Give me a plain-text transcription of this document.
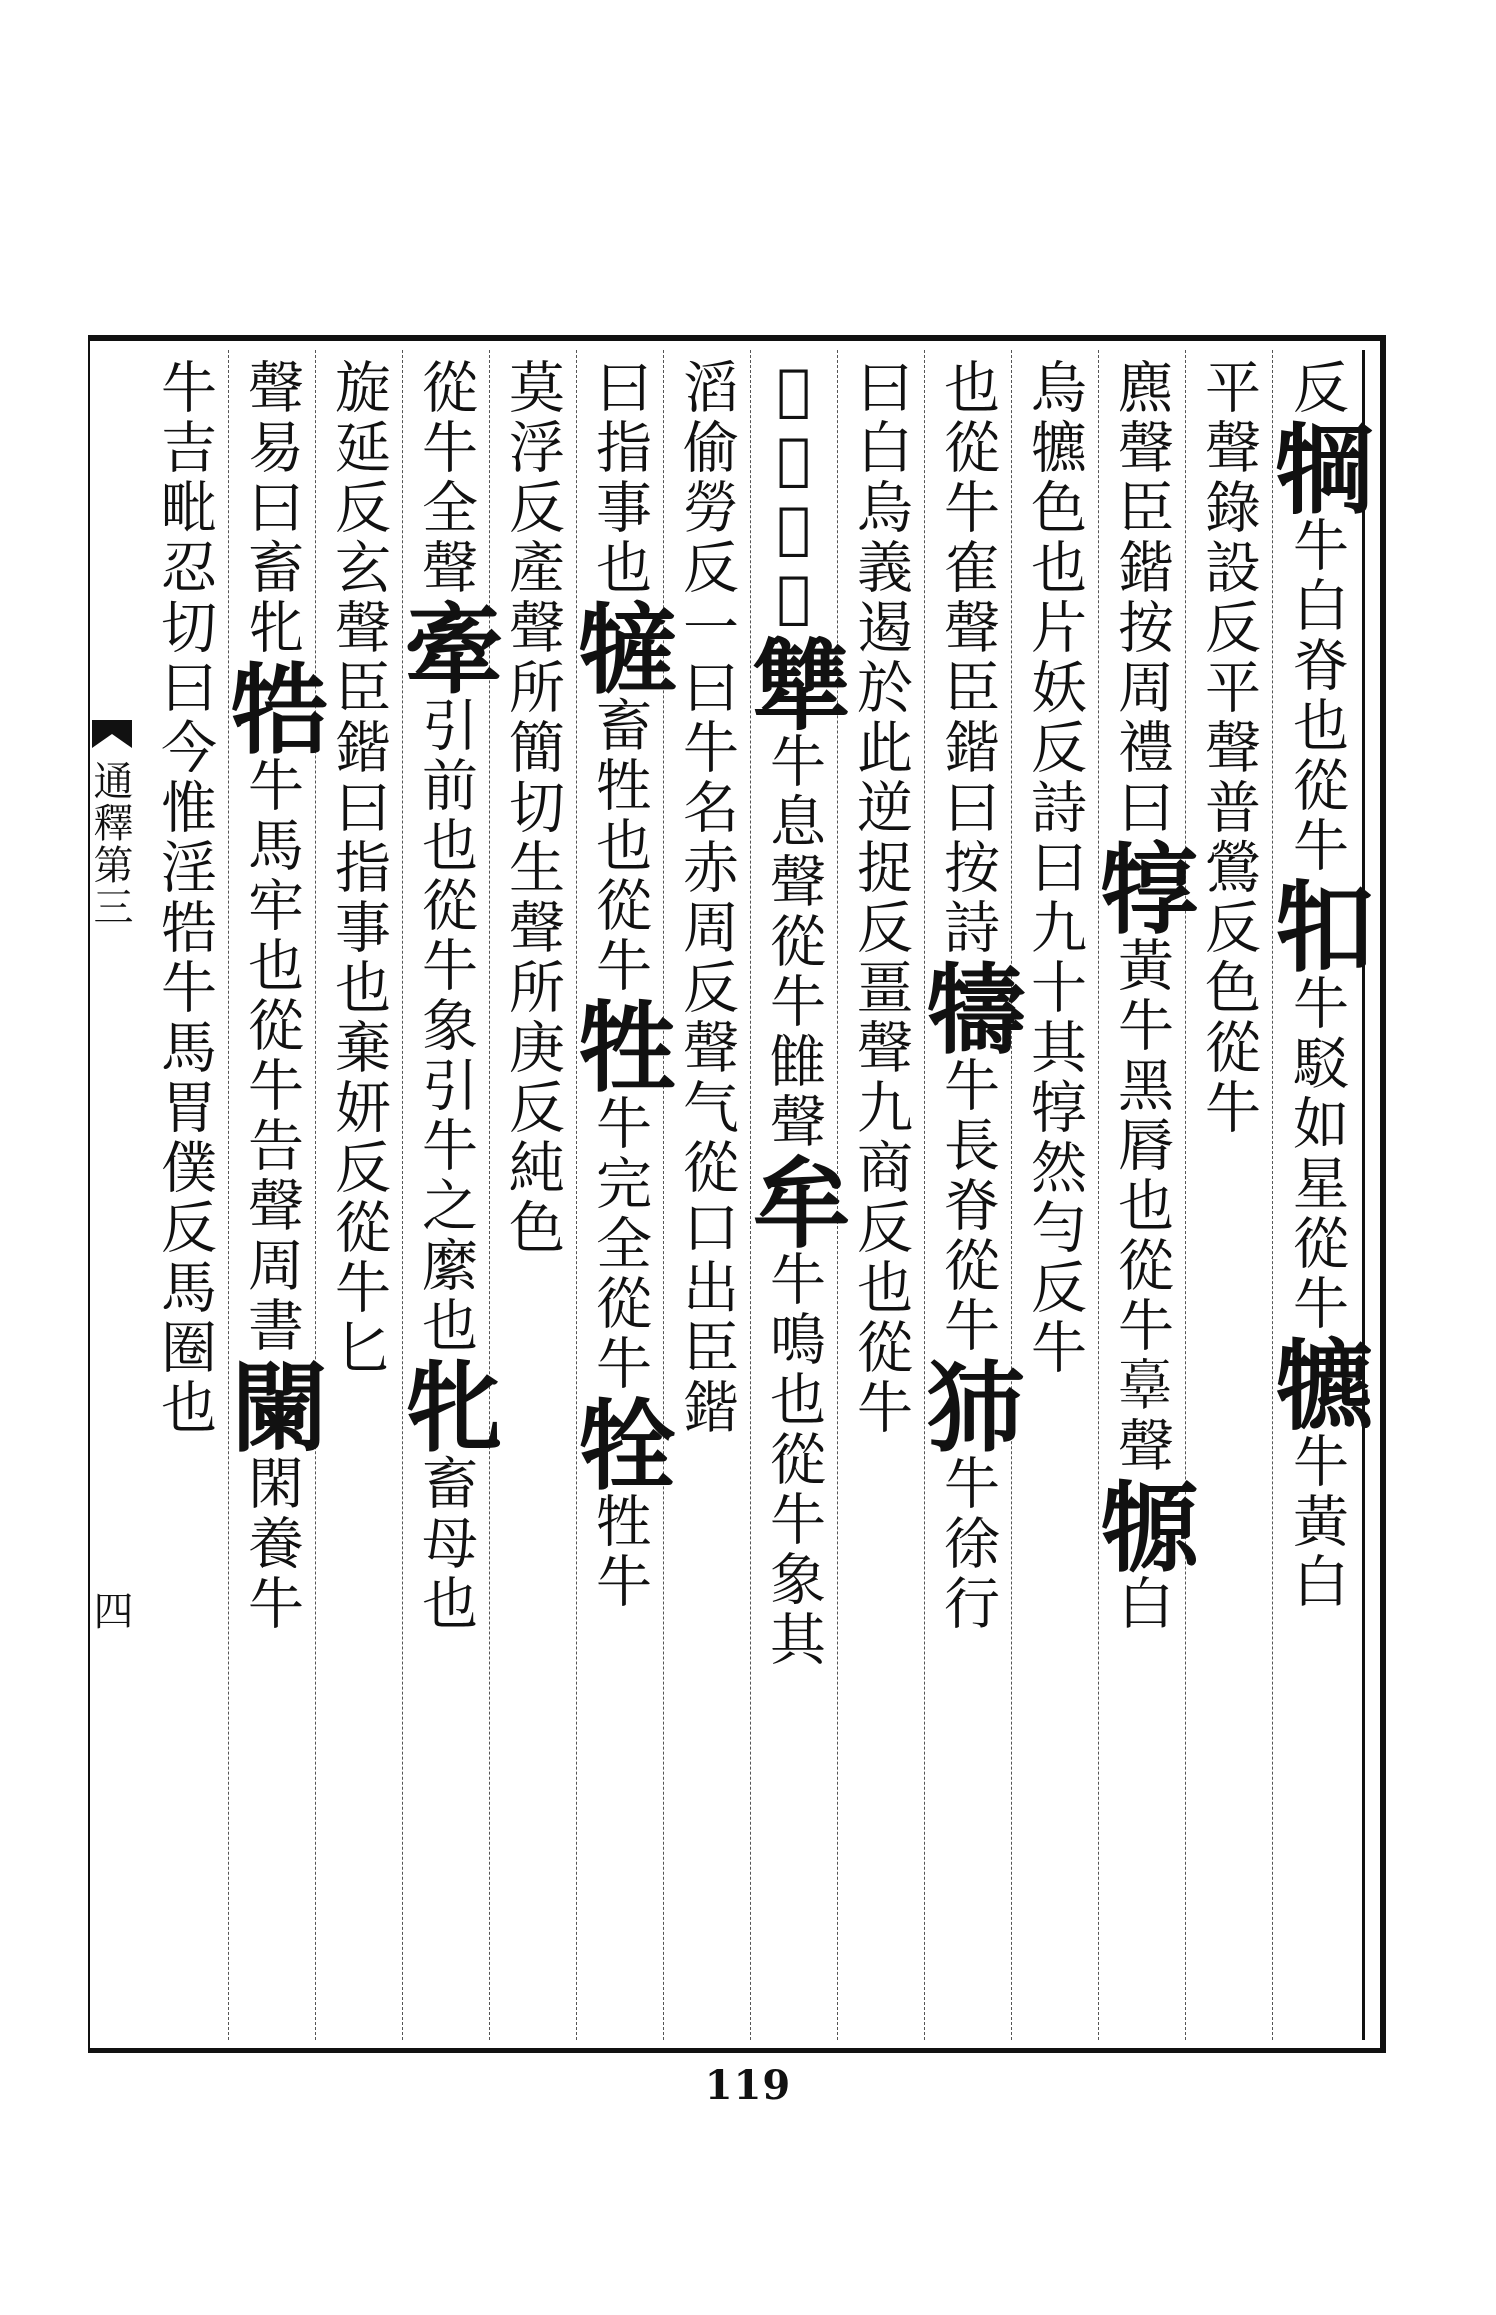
通釋第三
四
反犅牛白脊也從牛𤘘牛駁如星從牛犥牛黃白
平聲錄設反平聲普鶯反色從牛
麃聲臣鍇按周禮曰犉黃牛黑脣也從牛𦎧聲㹉白
烏犥色也片妖反詩曰九十其犉然勻反牛
也從牛隺聲臣鍇曰按詩㹗牛長脊從牛犻牛徐行
曰白烏義遏於此逆捉反畺聲九商反也從牛
𡕥聲讀若犨牛息聲從牛雔聲牟牛鳴也從牛象其
滔偷勞反一曰牛名赤周反聲气從口出臣鍇
曰指事也㹌畜牲也從牛牲牛完全從牛牷牲牛
莫浮反產聲所簡切生聲所庚反純色
從牛全聲牽引前也從牛象引牛之縻也牝畜母也
旋延反玄聲臣鍇曰指事也棄妍反從牛匕
聲易曰畜牝牿牛馬牢也從牛告聲周書闌閑養牛
牛吉毗忍切曰今惟淫牿牛馬胃僕反馬圈也
119
